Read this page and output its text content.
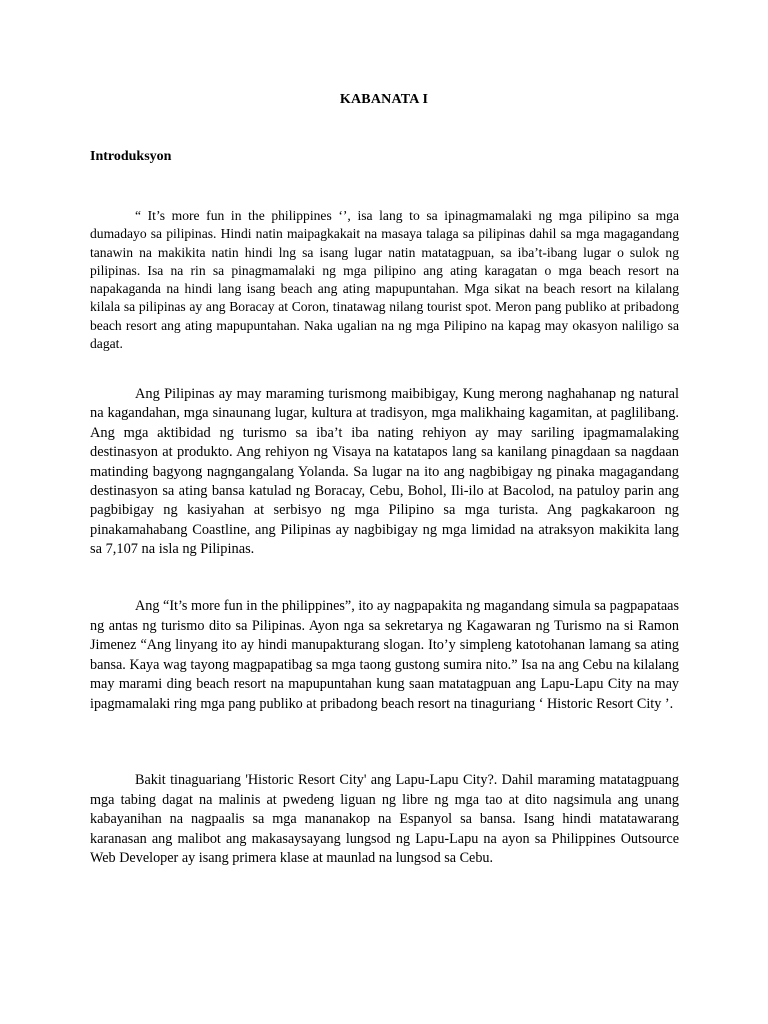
KABANATA I
Introduksyon

“ It’s more fun in the philippines ‘’, isa lang to sa ipinagmamalaki ng mga pilipino sa mga dumadayo sa pilipinas. Hindi natin maipagkakait na masaya talaga sa pilipinas dahil sa mga magagandang tanawin na makikita natin hindi lng sa isang lugar natin matatagpuan, sa iba’t-ibang lugar o sulok ng pilipinas. Isa na rin sa pinagmamalaki ng mga pilipino ang ating karagatan o mga beach resort na napakaganda na hindi lang isang beach ang ating mapupuntahan. Mga sikat na beach resort na kilalang kilala sa pilipinas ay ang Boracay at Coron, tinatawag nilang tourist spot. Meron pang publiko at pribadong beach resort ang ating mapupuntahan. Naka ugalian na ng mga Pilipino na kapag may okasyon naliligo sa dagat.

Ang Pilipinas ay may maraming turismong maibibigay, Kung merong naghahanap ng natural na kagandahan, mga sinaunang lugar, kultura at tradisyon, mga malikhaing kagamitan, at paglilibang. Ang mga aktibidad ng turismo sa iba’t iba nating rehiyon ay may sariling ipagmamalaking destinasyon at produkto. Ang rehiyon ng Visaya na katatapos lang sa kanilang pinagdaan sa nagdaan matinding bagyong nagngangalang Yolanda. Sa lugar na ito ang nagbibigay ng pinaka magagandang destinasyon sa ating bansa katulad ng Boracay, Cebu, Bohol, Ili-ilo at Bacolod, na patuloy parin ang pagbibigay ng kasiyahan at serbisyo ng mga Pilipino sa mga turista. Ang pagkakaroon ng pinakamahabang Coastline, ang Pilipinas ay nagbibigay ng mga limidad na atraksyon makikita lang sa 7,107 na isla ng Pilipinas.

Ang “It’s more fun in the philippines”, ito ay nagpapakita ng magandang simula sa pagpapataas ng antas ng turismo dito sa Pilipinas. Ayon nga sa sekretarya ng Kagawaran ng Turismo na si Ramon Jimenez “Ang linyang ito ay hindi manupakturang slogan. Ito’y simpleng katotohanan lamang sa ating bansa. Kaya wag tayong magpapatibag sa mga taong gustong sumira nito.” Isa na ang Cebu na kilalang may marami ding beach resort na mapupuntahan kung saan matatagpuan ang Lapu-Lapu City na may ipagmamalaki ring mga pang publiko at pribadong beach resort na tinaguriang ‘ Historic Resort City ’.

Bakit tinaguariang 'Historic Resort City' ang Lapu-Lapu City?. Dahil maraming matatagpuang mga tabing dagat na malinis at pwedeng liguan ng libre ng mga tao at dito nagsimula ang unang kabayanihan na nagpaalis sa mga mananakop na Espanyol sa bansa. Isang hindi matatawarang karanasan ang malibot ang makasaysayang lungsod ng Lapu-Lapu na ayon sa Philippines Outsource Web Developer ay isang primera klase at maunlad na lungsod sa Cebu.
